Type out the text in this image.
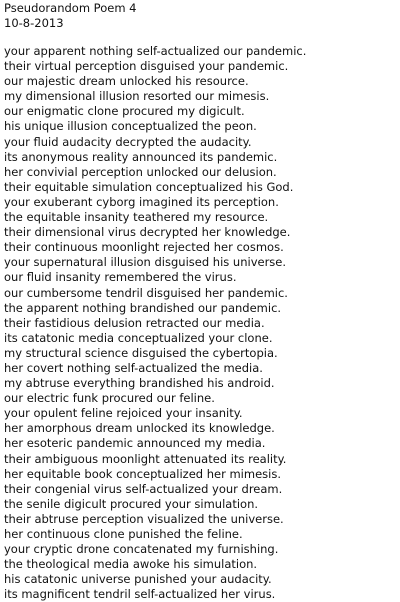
Pseudorandom Poem 4
10-8-2013
your apparent nothing self-actualized our pandemic.
their virtual perception disguised your pandemic.
our majestic dream unlocked his resource.
my dimensional illusion resorted our mimesis.
our enigmatic clone procured my digicult.
his unique illusion conceptualized the peon.
your fluid audacity decrypted the audacity.
its anonymous reality announced its pandemic.
her convivial perception unlocked our delusion.
their equitable simulation conceptualized his God.
your exuberant cyborg imagined its perception.
the equitable insanity teathered my resource.
their dimensional virus decrypted her knowledge.
their continuous moonlight rejected her cosmos.
your supernatural illusion disguised his universe.
our fluid insanity remembered the virus.
our cumbersome tendril disguised her pandemic.
the apparent nothing brandished our pandemic.
their fastidious delusion retracted our media.
its catatonic media conceptualized your clone.
my structural science disguised the cybertopia.
her covert nothing self-actualized the media.
my abtruse everything brandished his android.
our electric funk procured our feline.
your opulent feline rejoiced your insanity.
her amorphous dream unlocked its knowledge.
her esoteric pandemic announced my media.
their ambiguous moonlight attenuated its reality.
her equitable book conceptualized her mimesis.
their congenial virus self-actualized your dream.
the senile digicult procured your simulation.
their abtruse perception visualized the universe.
her continuous clone punished the feline.
your cryptic drone concatenated my furnishing.
the theological media awoke his simulation.
his catatonic universe punished your audacity.
its magnificent tendril self-actualized her virus.
